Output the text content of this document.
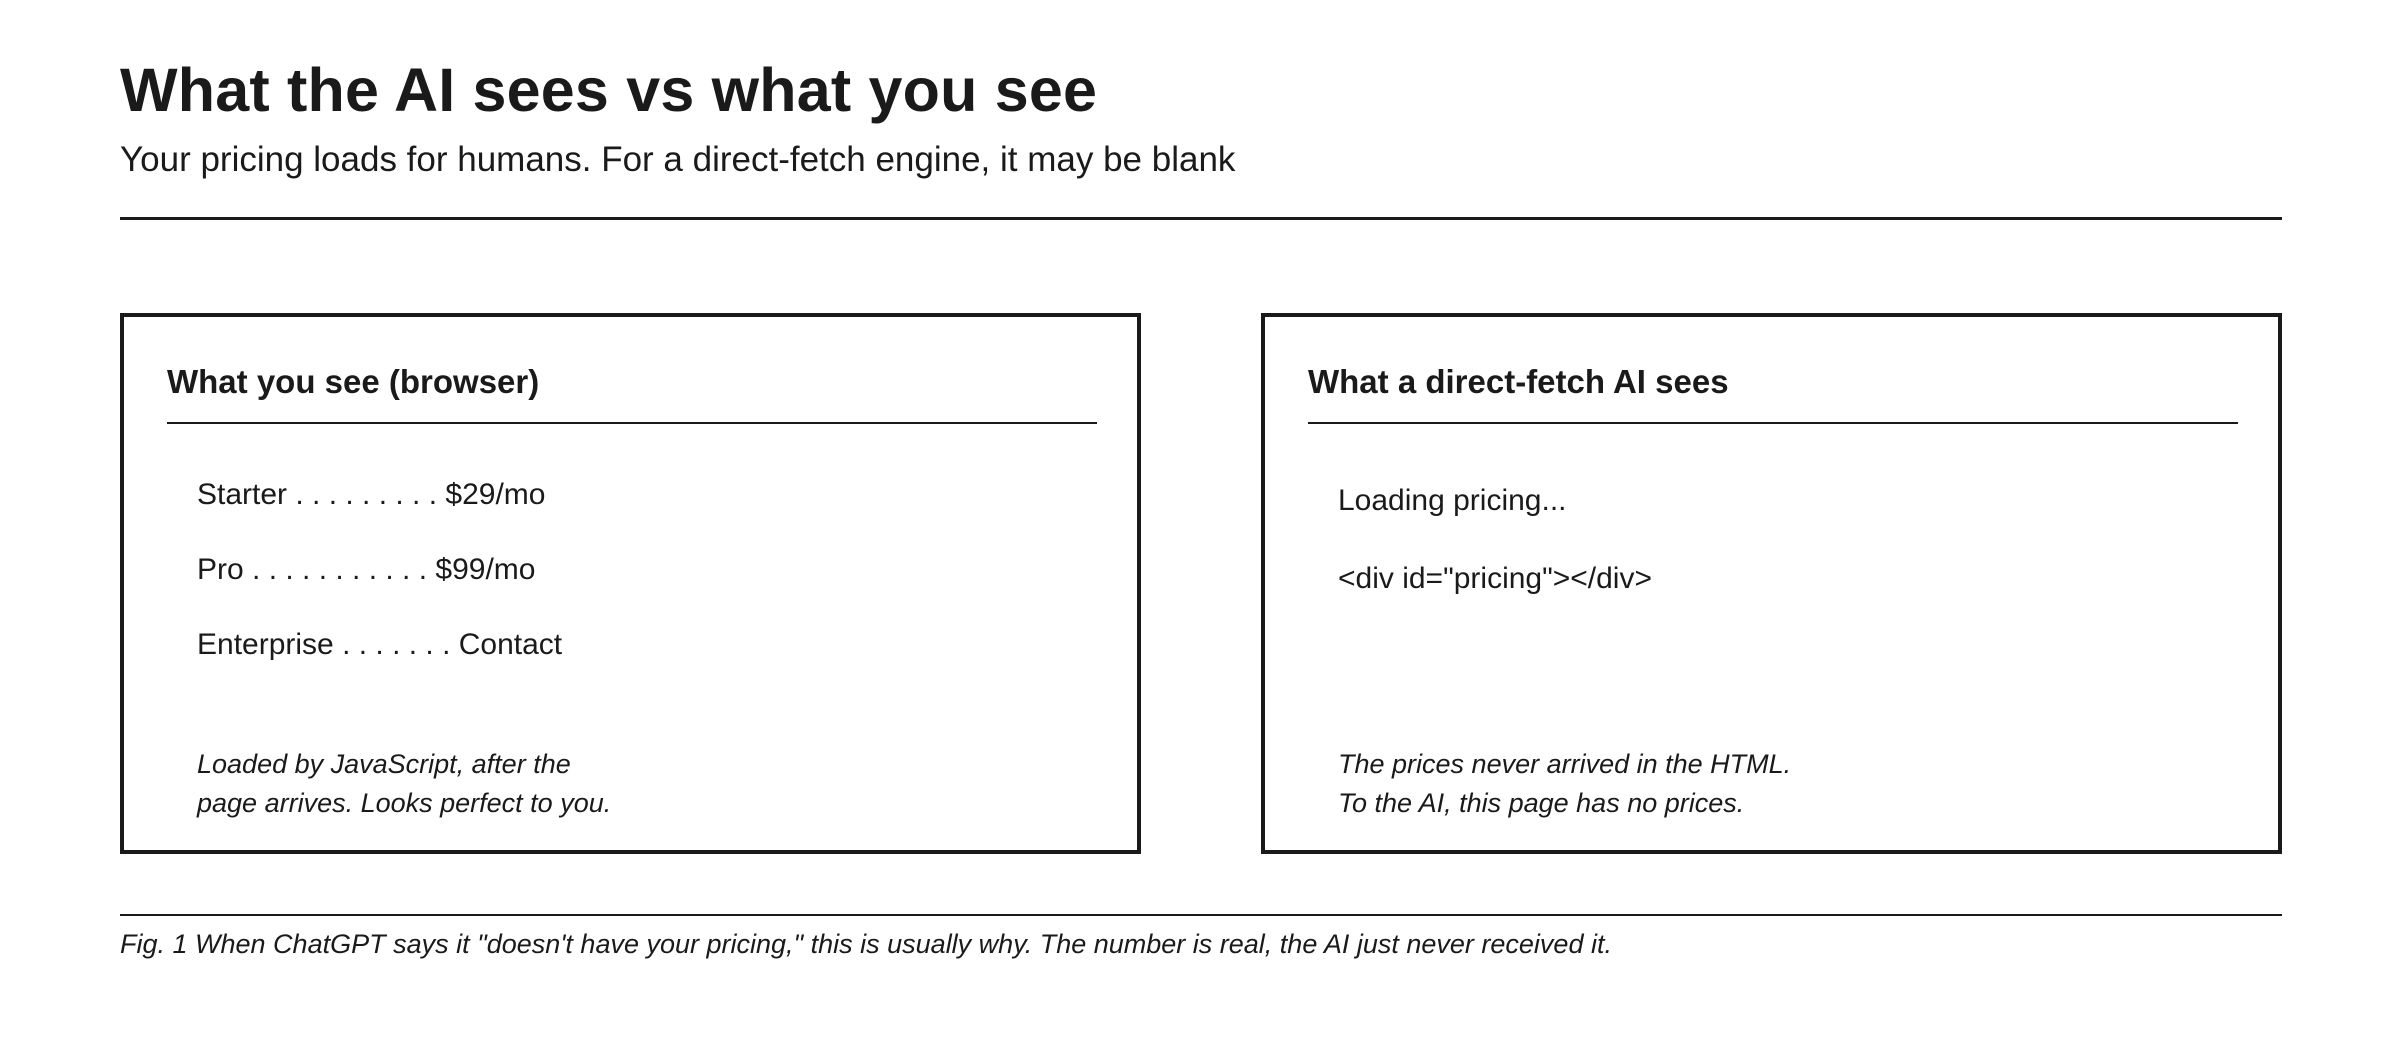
What the AI sees vs what you see

Your pricing loads for humans. For a direct-fetch engine, it may be blank

What you see (browser)
Starter . . . . . . . . . $29/mo
Pro . . . . . . . . . . . $99/mo
Enterprise . . . . . . . Contact
Loaded by JavaScript, after the
page arrives. Looks perfect to you.
What a direct-fetch AI sees
Loading pricing...
<div id="pricing"></div>
The prices never arrived in the HTML.
To the AI, this page has no prices.

Fig. 1 When ChatGPT says it "doesn't have your pricing," this is usually why. The number is real, the AI just never received it.
